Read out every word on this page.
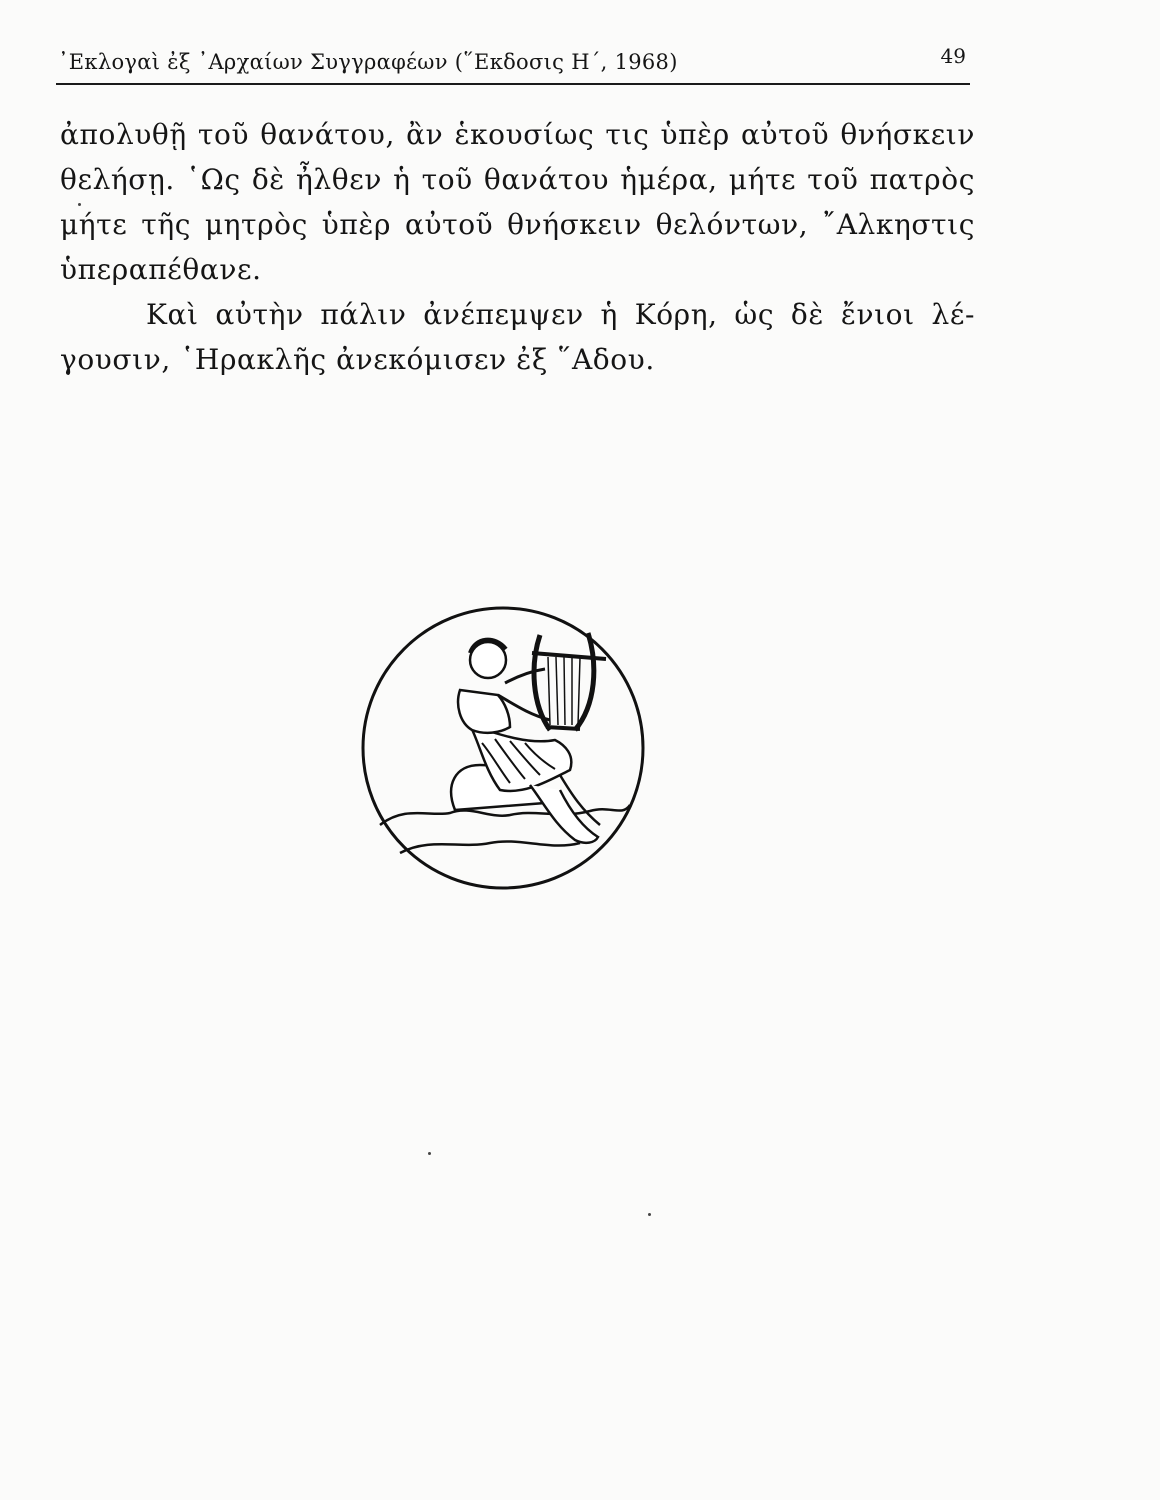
᾿Εκλογαὶ ἐξ ᾿Αρχαίων Συγγραφέων (῞Εκδοσις Η΄, 1968)	49
ἀπολυθῇ τοῦ θανάτου, ἂν ἑκουσίως τις ὑπὲρ αὐτοῦ θνήσκειν
θελήσῃ. ῾Ως δὲ ἦλθεν ἡ τοῦ θανάτου ἡμέρα, μήτε τοῦ πατρὸς
μήτε τῆς μητρὸς ὑπὲρ αὐτοῦ θνήσκειν θελόντων, ῎Αλκηστις
ὑπεραπέθανε.
Καὶ αὐτὴν πάλιν ἀνέπεμψεν ἡ Κόρη, ὡς δὲ ἔνιοι λέ-
γουσιν, ῾Ηρακλῆς ἀνεκόμισεν ἐξ ῞Αδου.
